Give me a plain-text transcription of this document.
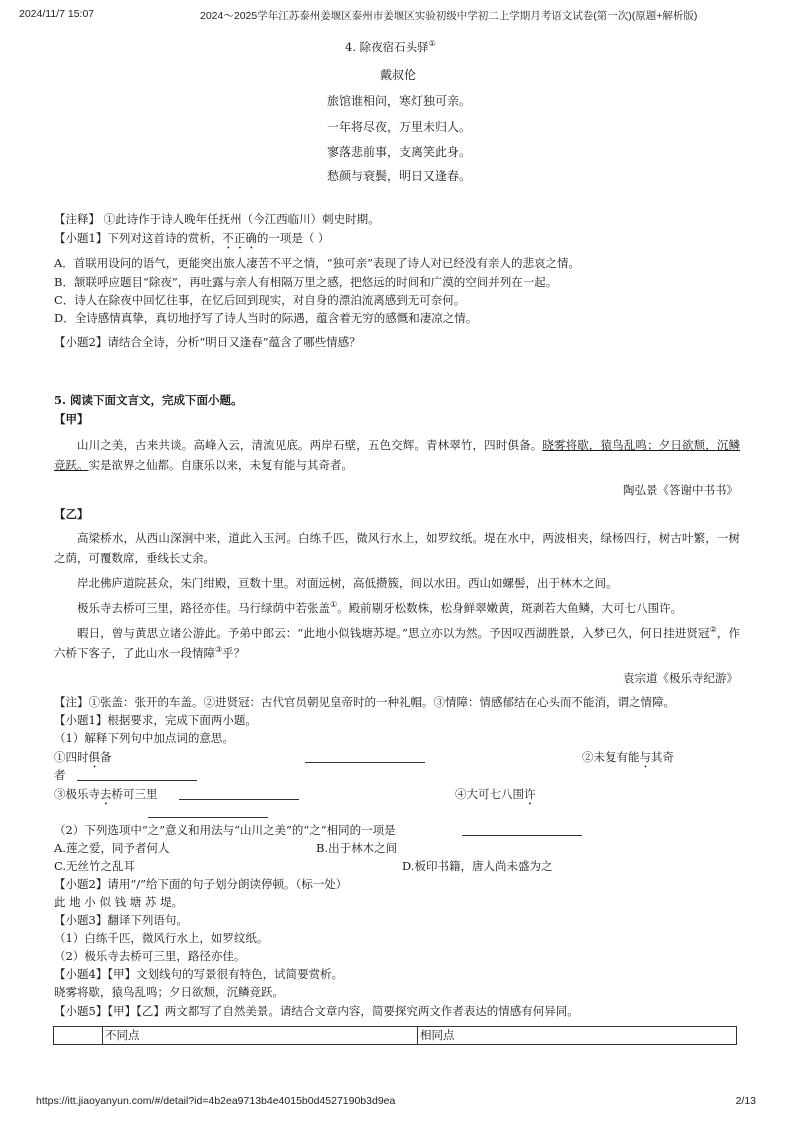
2024/11/7 15:07	2024～2025学年江苏泰州姜堰区泰州市姜堰区实验初级中学初二上学期月考语文试卷(第一次)(原题+解析版)
4. 除夜宿石头驿①
戴叔伦
旅馆谁相问，寒灯独可亲。
一年将尽夜，万里未归人。
寥落悲前事，支离笑此身。
愁颜与衰鬓，明日又逢春。
【注释】 ①此诗作于诗人晚年任抚州（今江西临川）刺史时期。
【小题1】下列对这首诗的赏析，不正确的一项是（ ）
A．首联用设问的语气，更能突出旅人凄苦不平之情，“独可亲”表现了诗人对已经没有亲人的悲哀之情。
B．颔联呼应题目“除夜”，再吐露与亲人有相隔万里之感，把悠远的时间和广漠的空间并列在一起。
C．诗人在除夜中回忆往事，在忆后回到现实，对自身的漂泊流离感到无可奈何。
D．全诗感情真挚，真切地抒写了诗人当时的际遇，蕴含着无穷的感慨和凄凉之情。
【小题2】请结合全诗，分析“明日又逢春”蕴含了哪些情感？
5. 阅读下面文言文，完成下面小题。
【甲】
山川之美，古来共谈。高峰入云，清流见底。两岸石壁，五色交辉。青林翠竹，四时俱备。晓雾将歇，猿鸟乱鸣；夕日欲颓，沉鳞竞跃。实是欲界之仙都。自康乐以来，未复有能与其奇者。
陶弘景《答谢中书书》
【乙】
高梁桥水，从西山深涧中来，道此入玉河。白练千匹，微风行水上，如罗纹纸。堤在水中，两波相夹，绿杨四行，树古叶繁，一树之荫，可覆数席，垂线长丈余。
岸北佛庐道院甚众，朱门绀殿，亘数十里。对面远树，高低攒簇，间以水田。西山如螺髻，出于林木之间。
极乐寺去桥可三里，路径亦佳。马行绿荫中若张盖①。殿前剔牙松数株，松身鲜翠嫩黄，斑剥若大鱼鳞，大可七八围许。
暇日，曾与黄思立诸公游此。予弟中郎云：“此地小似钱塘苏堤。”思立亦以为然。予因叹西湖胜景，入梦已久，何日挂进贤冠②，作六桥下客子，了此山水一段情障③乎？
袁宗道《极乐寺纪游》
【注】①张盖：张开的车盖。②进贤冠：古代官员朝见皇帝时的一种礼帽。③情障：情感郁结在心头而不能消，谓之情障。
【小题1】根据要求，完成下面两小题。
（1）解释下列句中加点词的意思。
①四时俱备	②未复有能与其奇
者
③极乐寺去桥可三里	④大可七八围许
（2）下列选项中“之”意义和用法与“山川之美”的“之”相同的一项是
A.莲之爱，同予者何人	B.出于林木之间
C.无丝竹之乱耳	D.板印书籍，唐人尚未盛为之
【小题2】请用“/”给下面的句子划分朗读停顿。（标一处）
此 地 小 似 钱 塘 苏 堤。
【小题3】翻译下列语句。
（1）白练千匹，微风行水上，如罗纹纸。
（2）极乐寺去桥可三里，路径亦佳。
【小题4】【甲】文划线句的写景很有特色，试简要赏析。
晓雾将歇，猿鸟乱鸣；夕日欲颓，沉鳞竞跃。
【小题5】【甲】【乙】两文都写了自然美景。请结合文章内容，简要探究两文作者表达的情感有何异同。
	不同点	相同点
https://itt.jiaoyanyun.com/#/detail?id=4b2ea9713b4e4015b0d4527190b3d9ea	2/13
